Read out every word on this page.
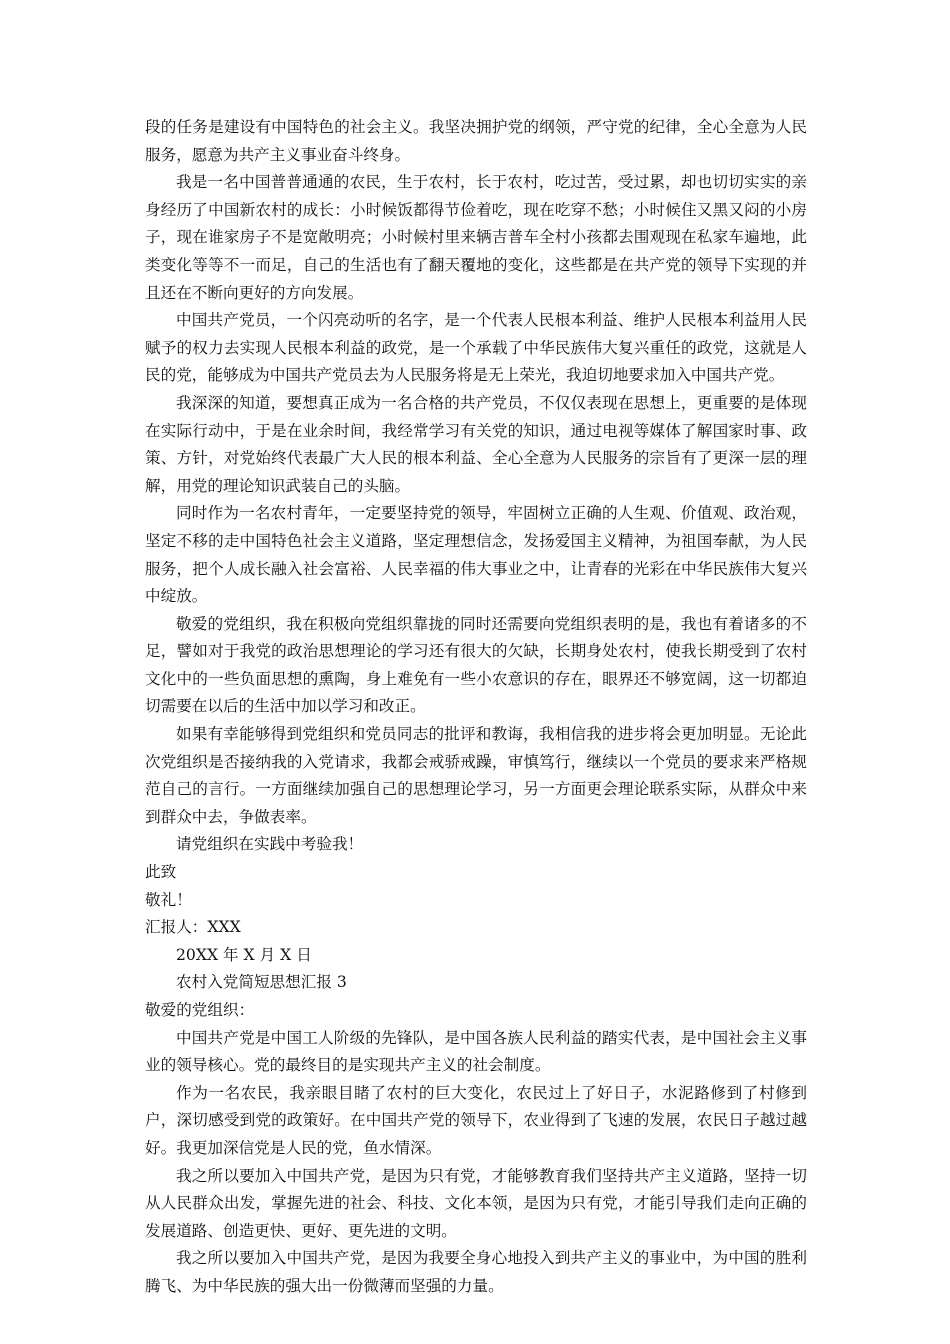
段的任务是建设有中国特色的社会主义。我坚决拥护党的纲领，严守党的纪律，全心全意为人民服务，愿意为共产主义事业奋斗终身。

我是一名中国普普通通的农民，生于农村，长于农村，吃过苦，受过累，却也切切实实的亲身经历了中国新农村的成长：小时候饭都得节俭着吃，现在吃穿不愁；小时候住又黑又闷的小房子，现在谁家房子不是宽敞明亮；小时候村里来辆吉普车全村小孩都去围观现在私家车遍地，此类变化等等不一而足，自己的生活也有了翻天覆地的变化，这些都是在共产党的领导下实现的并且还在不断向更好的方向发展。

中国共产党员，一个闪亮动听的名字，是一个代表人民根本利益、维护人民根本利益用人民赋予的权力去实现人民根本利益的政党，是一个承载了中华民族伟大复兴重任的政党，这就是人民的党，能够成为中国共产党员去为人民服务将是无上荣光，我迫切地要求加入中国共产党。

我深深的知道，要想真正成为一名合格的共产党员，不仅仅表现在思想上，更重要的是体现在实际行动中，于是在业余时间，我经常学习有关党的知识，通过电视等媒体了解国家时事、政策、方针，对党始终代表最广大人民的根本利益、全心全意为人民服务的宗旨有了更深一层的理解，用党的理论知识武装自己的头脑。

同时作为一名农村青年，一定要坚持党的领导，牢固树立正确的人生观、价值观、政治观，坚定不移的走中国特色社会主义道路，坚定理想信念，发扬爱国主义精神，为祖国奉献，为人民服务，把个人成长融入社会富裕、人民幸福的伟大事业之中，让青春的光彩在中华民族伟大复兴中绽放。

敬爱的党组织，我在积极向党组织靠拢的同时还需要向党组织表明的是，我也有着诸多的不足，譬如对于我党的政治思想理论的学习还有很大的欠缺，长期身处农村，使我长期受到了农村文化中的一些负面思想的熏陶，身上难免有一些小农意识的存在，眼界还不够宽阔，这一切都迫切需要在以后的生活中加以学习和改正。

如果有幸能够得到党组织和党员同志的批评和教诲，我相信我的进步将会更加明显。无论此次党组织是否接纳我的入党请求，我都会戒骄戒躁，审慎笃行，继续以一个党员的要求来严格规范自己的言行。一方面继续加强自己的思想理论学习，另一方面更会理论联系实际，从群众中来到群众中去，争做表率。

请党组织在实践中考验我！

此致

敬礼！

汇报人：XXX

20XX 年 X 月 X 日

农村入党简短思想汇报 3

敬爱的党组织：

中国共产党是中国工人阶级的先锋队，是中国各族人民利益的踏实代表，是中国社会主义事业的领导核心。党的最终目的是实现共产主义的社会制度。

作为一名农民，我亲眼目睹了农村的巨大变化，农民过上了好日子，水泥路修到了村修到户，深切感受到党的政策好。在中国共产党的领导下，农业得到了飞速的发展，农民日子越过越好。我更加深信党是人民的党，鱼水情深。

我之所以要加入中国共产党，是因为只有党，才能够教育我们坚持共产主义道路，坚持一切从人民群众出发，掌握先进的社会、科技、文化本领，是因为只有党，才能引导我们走向正确的发展道路、创造更快、更好、更先进的文明。

我之所以要加入中国共产党，是因为我要全身心地投入到共产主义的事业中，为中国的胜利腾飞、为中华民族的强大出一份微薄而坚强的力量。
